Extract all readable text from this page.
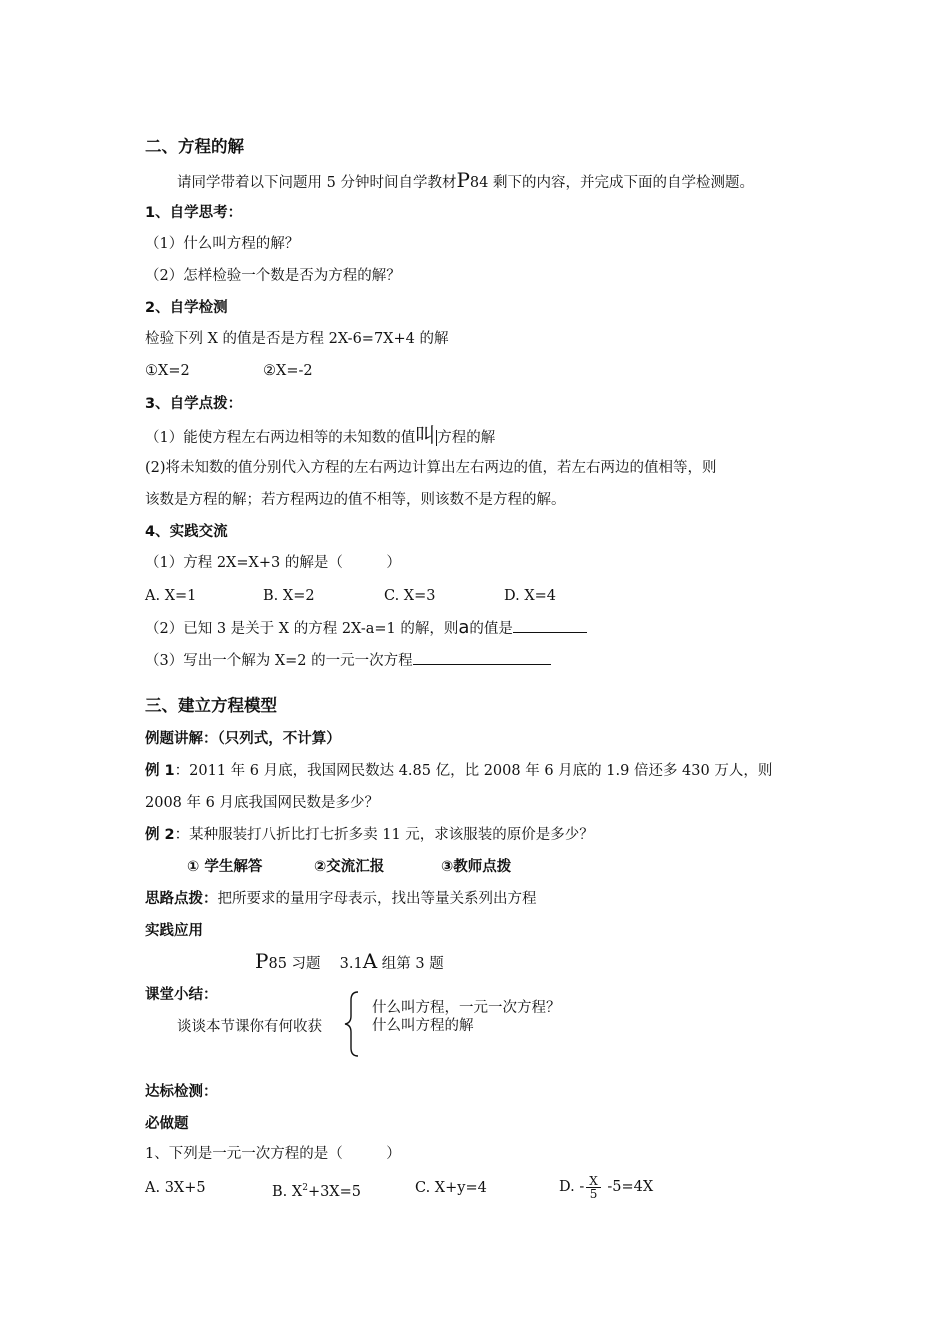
二、方程的解
请同学带着以下问题用 5 分钟时间自学教材P84 剩下的内容，并完成下面的自学检测题。
1、自学思考：
（1）什么叫方程的解？
（2）怎样检验一个数是否为方程的解？
2、自学检测
检验下列 X 的值是否是方程 2X-6=7X+4 的解
①X=2	②X=-2
3、自学点拨：
（1）能使方程左右两边相等的未知数的值叫 方程的解
(2)将未知数的值分别代入方程的左右两边计算出左右两边的值，若左右两边的值相等，则
该数是方程的解；若方程两边的值不相等，则该数不是方程的解。
4、实践交流
（1）方程 2X=X+3 的解是（　　　）
A. X=1	B. X=2	C. X=3	D. X=4
（2）已知 3 是关于 X 的方程 2X-a=1 的解，则a的值是
（3）写出一个解为 X=2 的一元一次方程
三、建立方程模型
例题讲解：（只列式，不计算）
例 1：2011 年 6 月底，我国网民数达 4.85 亿，比 2008 年 6 月底的 1.9 倍还多 430 万人，则
2008 年 6 月底我国网民数是多少？
例 2：某种服装打八折比打七折多卖 11 元，求该服装的原价是多少？
① 学生解答	②交流汇报	③教师点拨
思路点拨：把所要求的量用字母表示，找出等量关系列出方程
实践应用
P85 习题　 3.1A 组第 3 题
课堂小结：
谈谈本节课你有何收获
什么叫方程，一元一次方程？
什么叫方程的解
达标检测：
必做题
1、下列是一元一次方程的是（　　　）
A. 3X+5	B. $X^2+3X=5$	C. X+y=4	D. - $\frac{X}{5} -5=4X$
